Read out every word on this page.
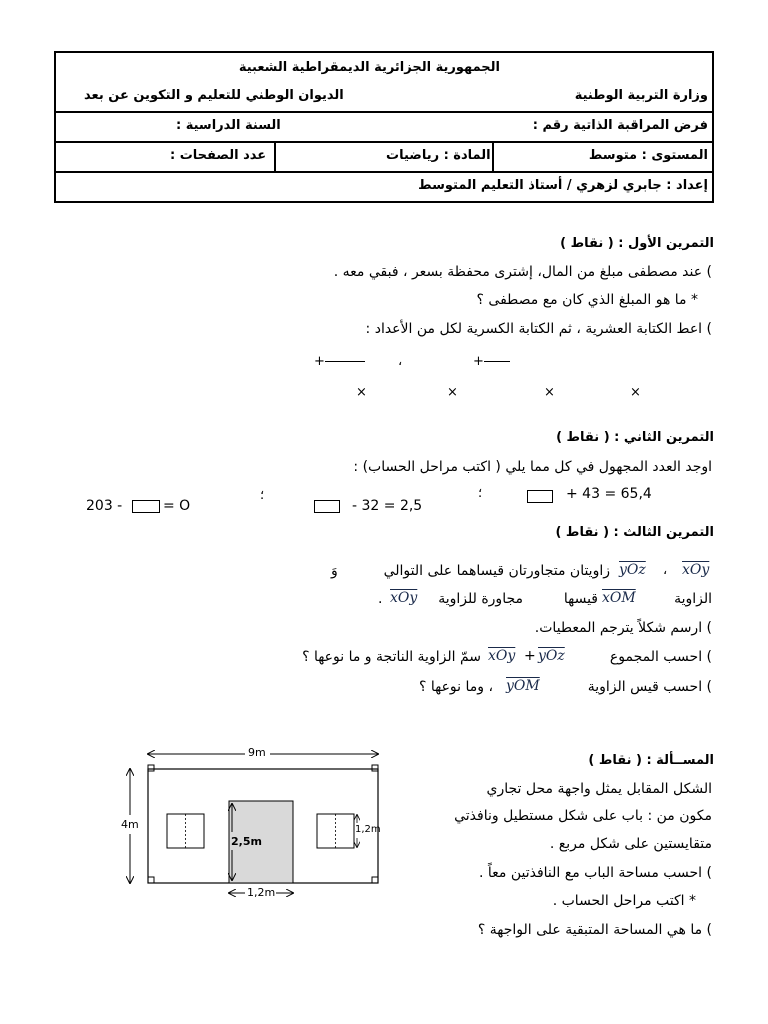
الجمهورية الجزائرية الديمقراطية الشعبية
وزارة التربية الوطنية
الديوان الوطني للتعليم و التكوين عن بعد
فرض المراقبة الذاتية رقم :
السنة الدراسية :
المستوى : متوسط
المادة : رياضيات
عدد الصفحات :
إعداد : جابري لزهري / أستاذ التعليم المتوسط
التمرين الأول : ( نقاط )
) عند مصطفى مبلغ من المال، إشترى محفظة بسعر ، فبقي معه .
* ما هو المبلغ الذي كان مع مصطفى ؟
) اعط الكتابة العشرية ، ثم الكتابة الكسرية لكل من الأعداد :
+	،	+
×	×	×	×
التمرين الثاني : ( نقاط )
اوجد العدد المجهول في كل مما يلي ( اكتب مراحل الحساب) :
+ 43 = 65,4
؛
- 32 = 2,5
؛
203 -	= O
التمرين الثالث : ( نقاط )
$\overline{xOy}$
،
$\overline{yOz}$
زاويتان متجاورتان قيساهما على التوالي
وَ
الزاوية
$\overline{xOM}$
قيسها
مجاورة للزاوية
$\overline{xOy}$
.
) ارسم شكلاً يترجم المعطيات.
) احسب المجموع
$\overline{xOy} + \overline{yOz}$
سمّ الزاوية الناتجة و ما نوعها ؟
) احسب قيس الزاوية
$\overline{yOM}$
، وما نوعها ؟
المســألة : ( نقاط )
الشكل المقابل يمثل واجهة محل تجاري
مكون من : باب على شكل مستطيل ونافذتي
متقايستين على شكل مربع .
) احسب مساحة الباب مع النافذتين معاً .
* اكتب مراحل الحساب .
) ما هي المساحة المتبقية على الواجهة ؟
9m
4m
2,5m
1,2m
1,2m
